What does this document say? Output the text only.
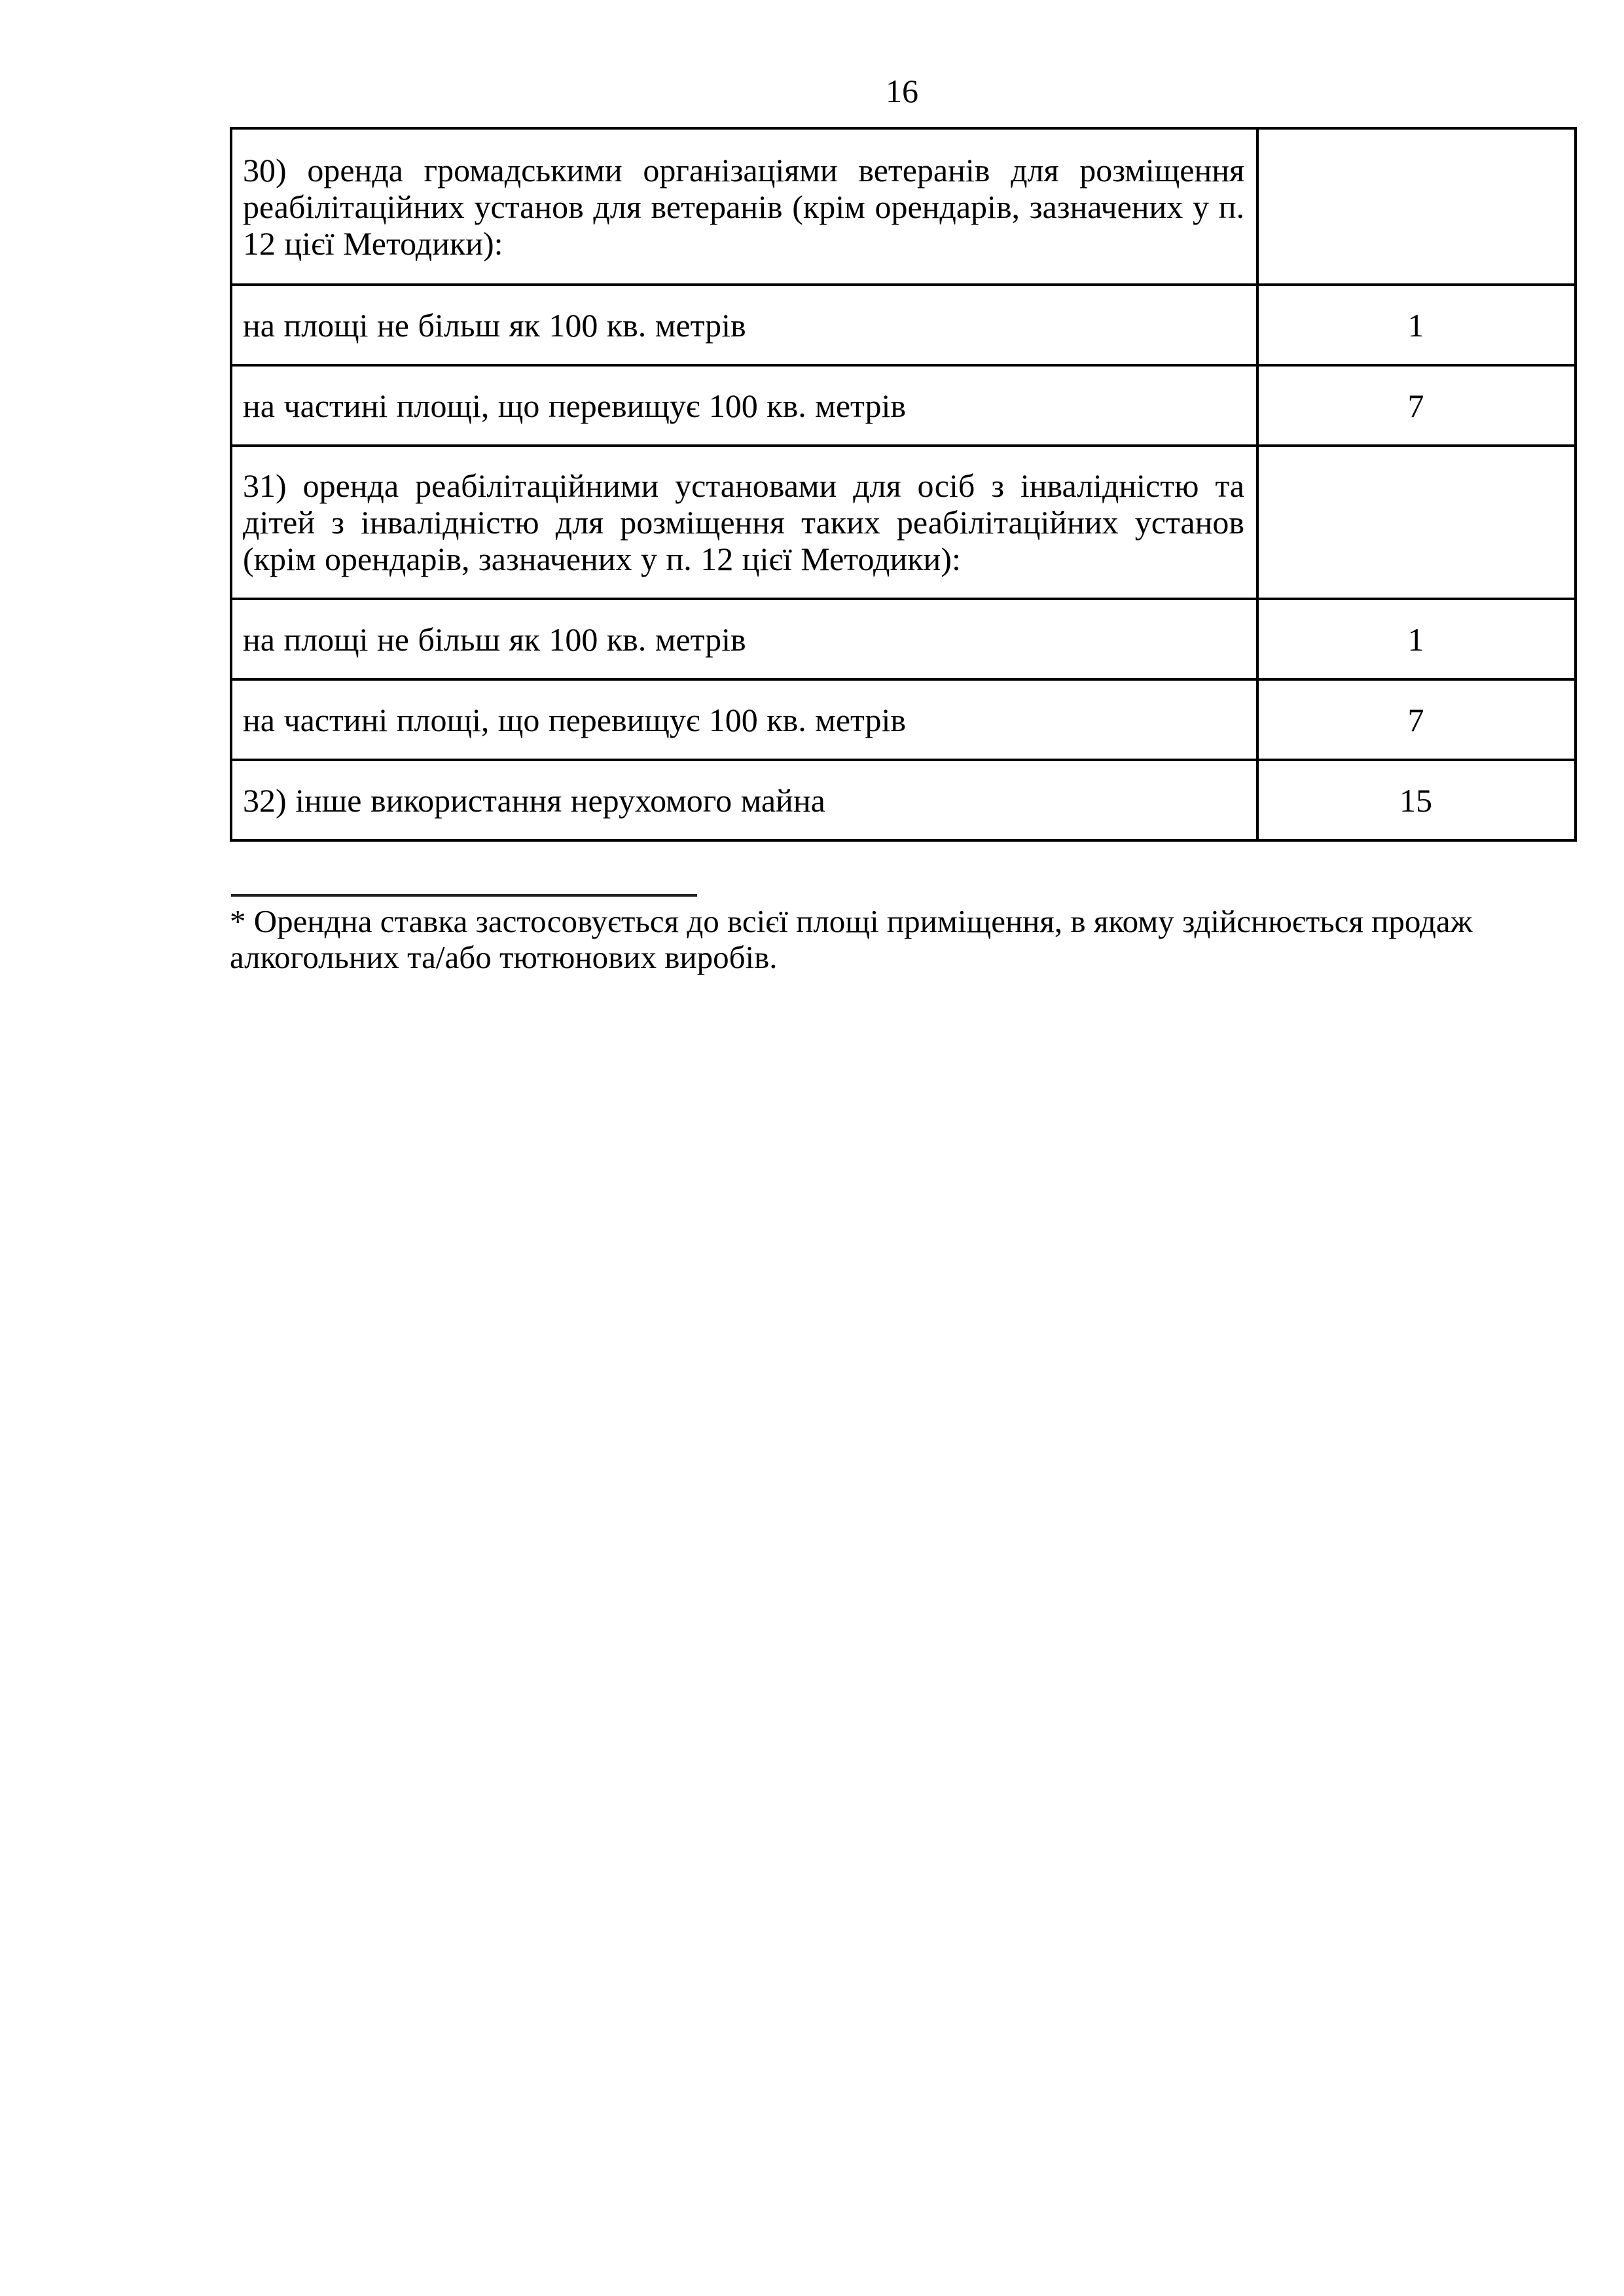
16
30) оренда громадськими організаціями ветеранів для розміщення реабілітаційних установ для ветеранів (крім орендарів, зазначених у п. 12 цієї Методики):	
на площі не більш як 100 кв. метрів	1
на частині площі, що перевищує 100 кв. метрів	7
31) оренда реабілітаційними установами для осіб з інвалідністю та дітей з інвалідністю для розміщення таких реабілітаційних установ (крім орендарів, зазначених у п. 12 цієї Методики):	
на площі не більш як 100 кв. метрів	1
на частині площі, що перевищує 100 кв. метрів	7
32) інше використання нерухомого майна	15
* Орендна ставка застосовується до всієї площі приміщення, в якому здійснюється продаж алкогольних та/або тютюнових виробів.
